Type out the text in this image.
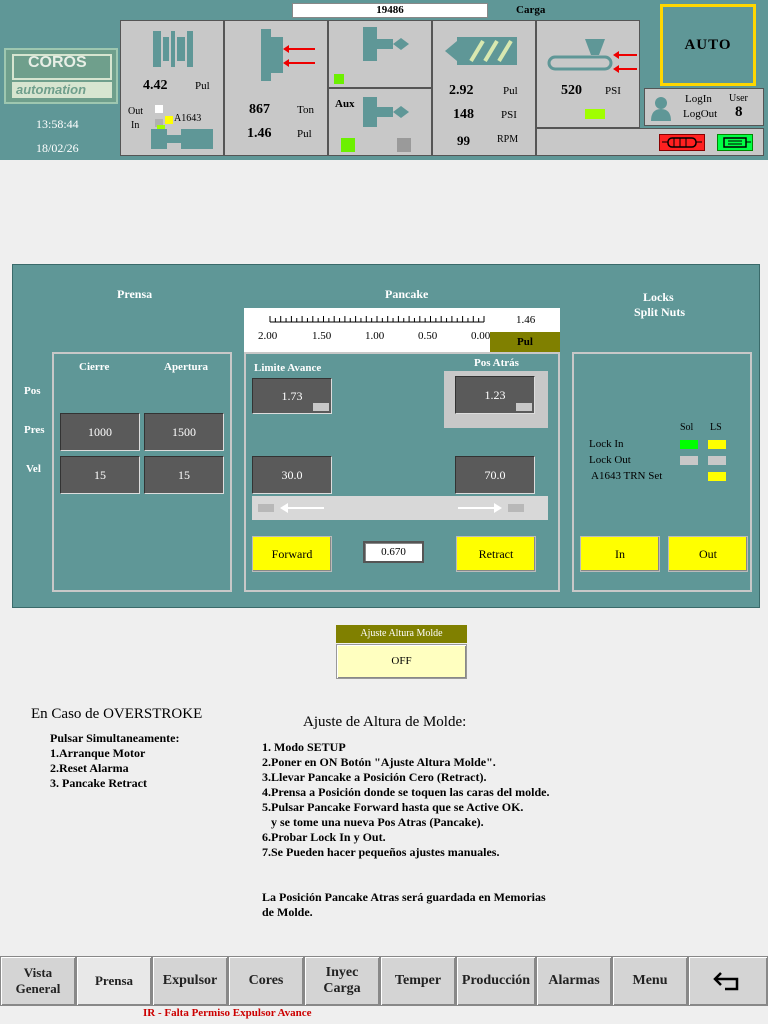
19486	Carga
COROS
automation
13:58:44
18/02/26
4.42	Pul
Out
In
A1643
867 Ton
1.46 Pul
Aux
2.92	Pul
148 PSI
99	RPM
520 PSI
AUTO
LogIn
LogOut
User
8
Prensa
Cierre	Apertura
Pos
Pres
Vel
1000	1500
15	15
Pancake
2.00	1.50	1.00	0.50	0.00
1.46
Pul
Limite Avance
1.73
Pos Atrás
1.23
30.0	70.0
Forward	Retract
0.670
Locks
Split Nuts
Sol LS
Lock In
Lock Out
A1643 TRN Set
In	Out
Ajuste Altura Molde
OFF
En Caso de OVERSTROKE
Pulsar Simultaneamente:
1.Arranque Motor
2.Reset Alarma
3. Pancake Retract
Ajuste de Altura de Molde:
1. Modo SETUP
2.Poner en ON Botón "Ajuste Altura Molde".
3.Llevar Pancake a Posición Cero (Retract).
4.Prensa a Posición donde se toquen las caras del molde.
5.Pulsar Pancake Forward hasta que se Active OK.
y se tome una nueva Pos Atras (Pancake).
6.Probar Lock In y Out.
7.Se Pueden hacer pequeños ajustes manuales.
La Posición Pancake Atras será guardada en Memorias
de Molde.
Vista
General
Prensa	Expulsor	Cores
Inyec
Carga
Temper	Producción	Alarmas	Menu
IR - Falta Permiso Expulsor Avance
